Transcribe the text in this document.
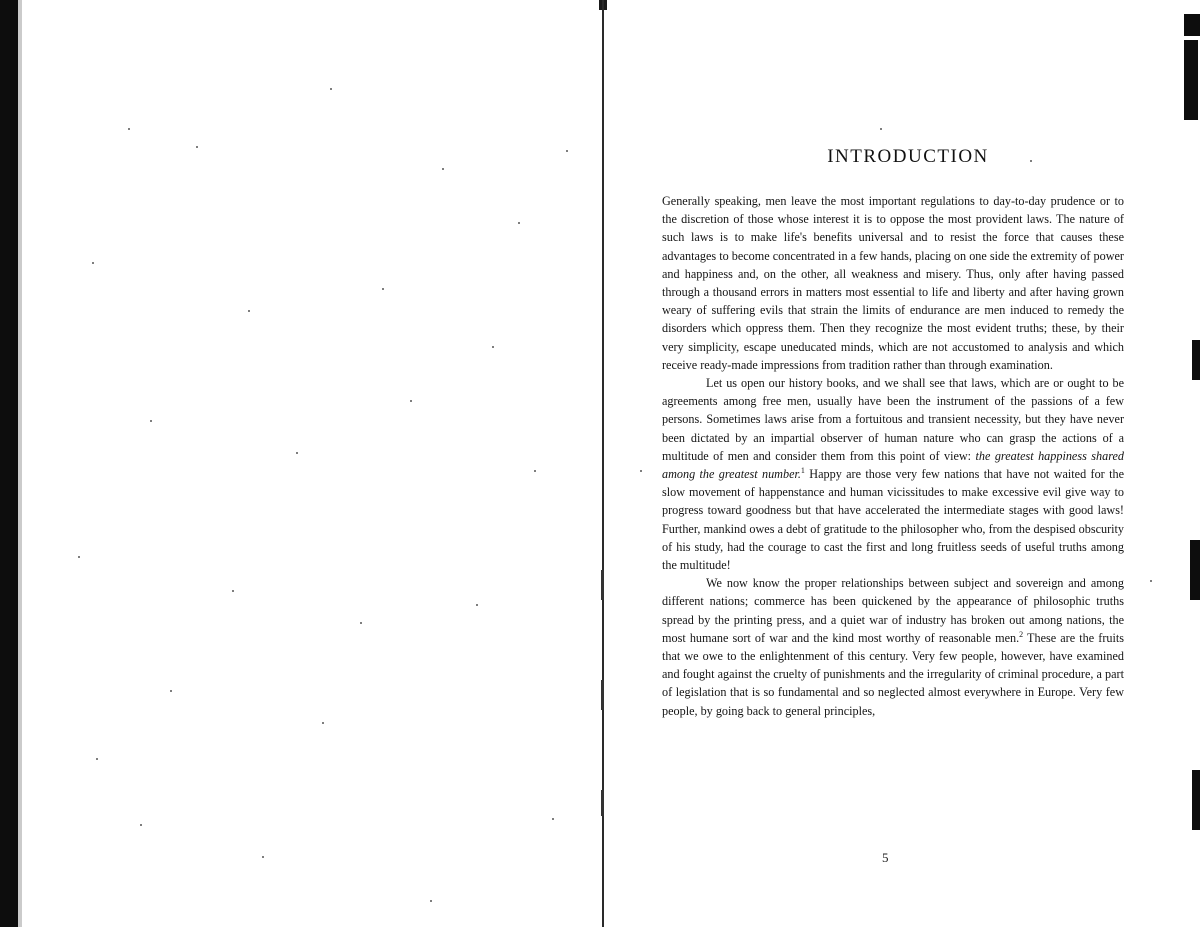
INTRODUCTION

Generally speaking, men leave the most important regulations to day-to-day prudence or to the discretion of those whose interest it is to oppose the most provident laws. The nature of such laws is to make life's benefits universal and to resist the force that causes these advantages to become concentrated in a few hands, placing on one side the extremity of power and happiness and, on the other, all weakness and misery. Thus, only after having passed through a thousand errors in matters most essential to life and liberty and after having grown weary of suffering evils that strain the limits of endurance are men induced to remedy the disorders which oppress them. Then they recognize the most evident truths; these, by their very simplicity, escape uneducated minds, which are not accustomed to analysis and which receive ready-made impressions from tradition rather than through examination.

Let us open our history books, and we shall see that laws, which are or ought to be agreements among free men, usually have been the instrument of the passions of a few persons. Sometimes laws arise from a fortuitous and transient necessity, but they have never been dictated by an impartial observer of human nature who can grasp the actions of a multitude of men and consider them from this point of view: the greatest happiness shared among the greatest number.$^1$ Happy are those very few nations that have not waited for the slow movement of happenstance and human vicissitudes to make excessive evil give way to progress toward goodness but that have accelerated the intermediate stages with good laws! Further, mankind owes a debt of gratitude to the philosopher who, from the despised obscurity of his study, had the courage to cast the first and long fruitless seeds of useful truths among the multitude!

We now know the proper relationships between subject and sovereign and among different nations; commerce has been quickened by the appearance of philosophic truths spread by the printing press, and a quiet war of industry has broken out among nations, the most humane sort of war and the kind most worthy of reasonable men.$^2$ These are the fruits that we owe to the enlightenment of this century. Very few people, however, have examined and fought against the cruelty of punishments and the irregularity of criminal procedure, a part of legislation that is so fundamental and so neglected almost everywhere in Europe. Very few people, by going back to general principles,

5
